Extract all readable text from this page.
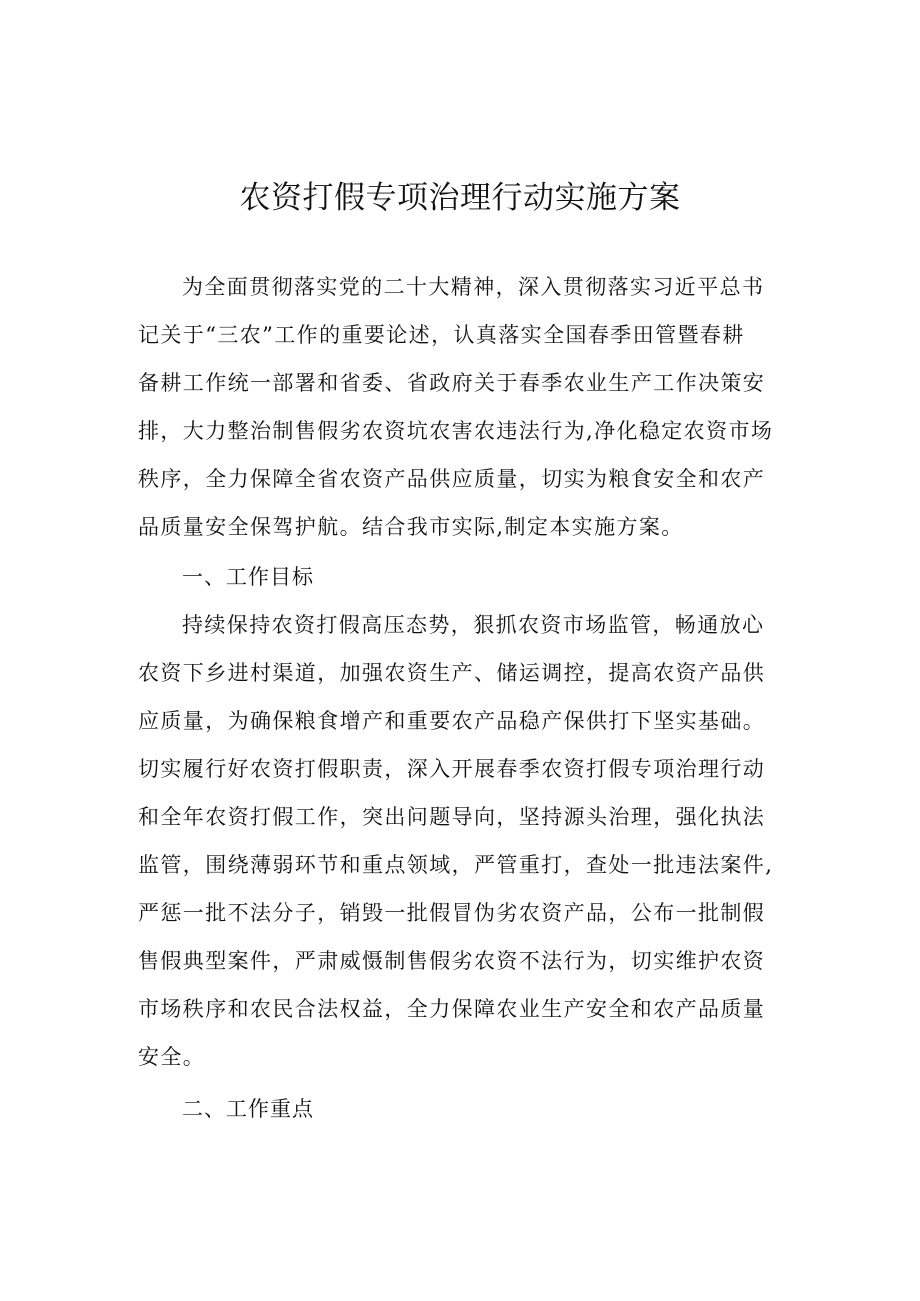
农资打假专项治理行动实施方案

为全面贯彻落实党的二十大精神，深入贯彻落实习近平总书

记关于“三农”工作的重要论述，认真落实全国春季田管暨春耕

备耕工作统一部署和省委、省政府关于春季农业生产工作决策安

排，大力整治制售假劣农资坑农害农违法行为,净化稳定农资市场

秩序，全力保障全省农资产品供应质量，切实为粮食安全和农产

品质量安全保驾护航。结合我市实际,制定本实施方案。

一、工作目标

持续保持农资打假高压态势，狠抓农资市场监管，畅通放心

农资下乡进村渠道，加强农资生产、储运调控，提高农资产品供

应质量，为确保粮食增产和重要农产品稳产保供打下坚实基础。

切实履行好农资打假职责，深入开展春季农资打假专项治理行动

和全年农资打假工作，突出问题导向，坚持源头治理，强化执法

监管，围绕薄弱环节和重点领域，严管重打，查处一批违法案件,

严惩一批不法分子，销毁一批假冒伪劣农资产品，公布一批制假

售假典型案件，严肃威慑制售假劣农资不法行为，切实维护农资

市场秩序和农民合法权益，全力保障农业生产安全和农产品质量

安全。

二、工作重点
